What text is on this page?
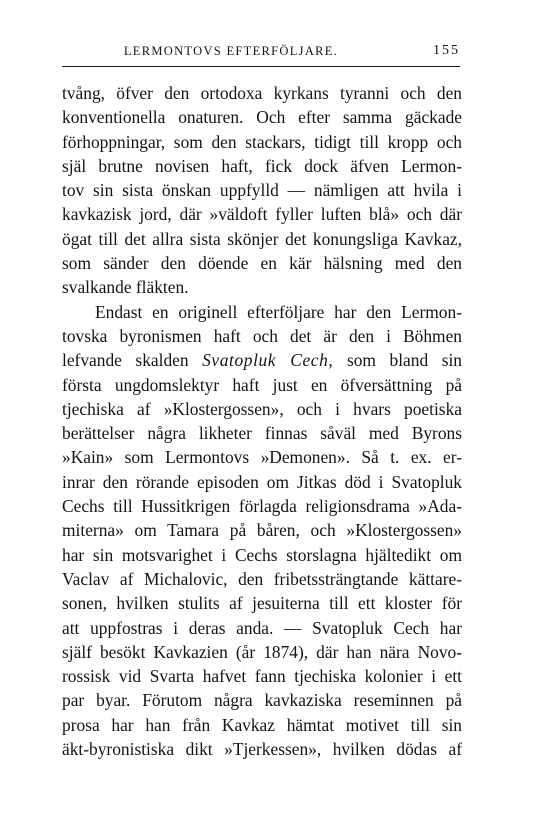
LERMONTOVS EFTERFÖLJARE.	155
tvång, öfver den ortodoxa kyrkans tyranni och den
konventionella onaturen. Och efter samma gäckade
förhoppningar, som den stackars, tidigt till kropp och
själ brutne novisen haft, fick dock äfven Lermon-
tov sin sista önskan uppfylld — nämligen att hvila i
kavkazisk jord, där »väldoft fyller luften blå» och där
ögat till det allra sista skönjer det konungsliga Kavkaz,
som sänder den döende en kär hälsning med den
svalkande fläkten.
Endast en originell efterföljare har den Lermon-
tovska byronismen haft och det är den i Böhmen
lefvande skalden Svatopluk Cech, som bland sin
första ungdomslektyr haft just en öfversättning på
tjechiska af »Klostergossen», och i hvars poetiska
berättelser några likheter finnas såväl med Byrons
»Kain» som Lermontovs »Demonen». Så t. ex. er-
inrar den rörande episoden om Jitkas död i Svatopluk
Cechs till Hussitkrigen förlagda religionsdrama »Ada-
miterna» om Tamara på båren, och »Klostergossen»
har sin motsvarighet i Cechs storslagna hjältedikt om
Vaclav af Michalovic, den fribetssträngtande kättare-
sonen, hvilken stulits af jesuiterna till ett kloster för
att uppfostras i deras anda. — Svatopluk Cech har
själf besökt Kavkazien (år 1874), där han nära Novo-
rossisk vid Svarta hafvet fann tjechiska kolonier i ett
par byar. Förutom några kavkaziska reseminnen på
prosa har han från Kavkaz hämtat motivet till sin
äkt-byronistiska dikt »Tjerkessen», hvilken dödas af
